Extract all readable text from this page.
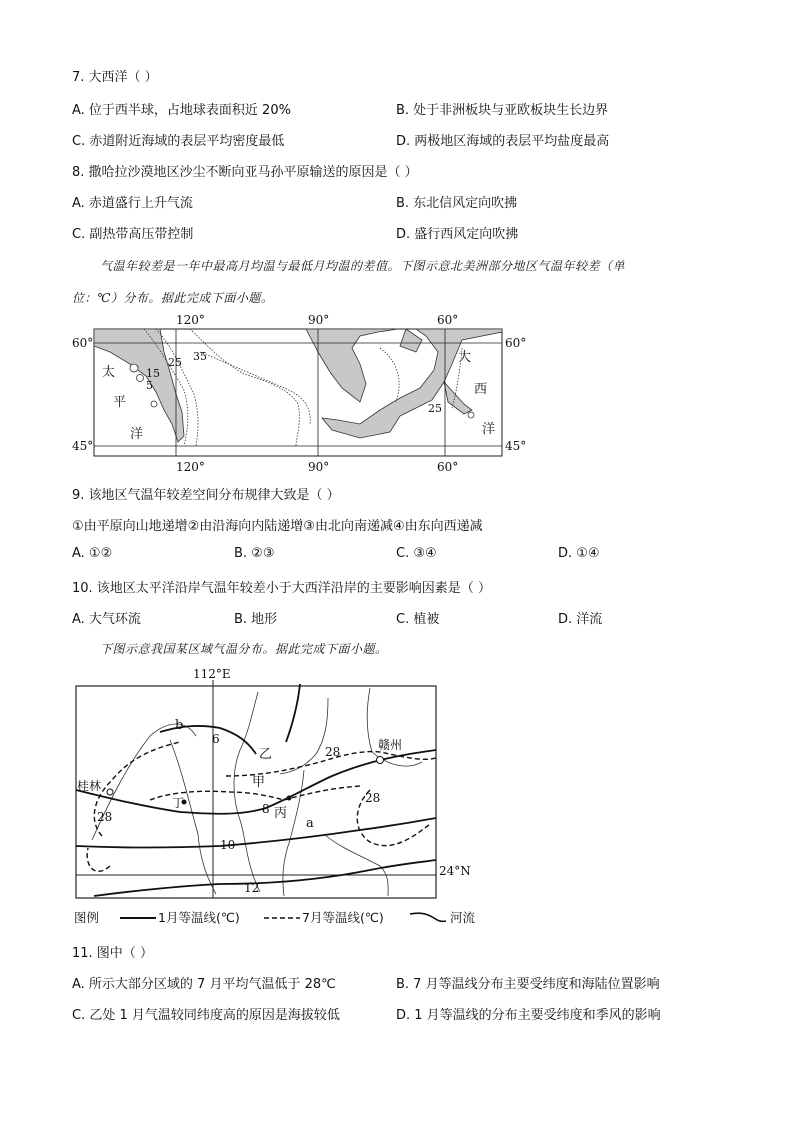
7. 大西洋（ ）
A. 位于西半球，占地球表面积近 20%	B. 处于非洲板块与亚欧板块生长边界
C. 赤道附近海域的表层平均密度最低	D. 两极地区海域的表层平均盐度最高
8. 撒哈拉沙漠地区沙尘不断向亚马孙平原输送的原因是（ ）
A. 赤道盛行上升气流	B. 东北信风定向吹拂
C. 副热带高压带控制	D. 盛行西风定向吹拂
气温年较差是一年中最高月均温与最低月均温的差值。下图示意北美洲部分地区气温年较差（单
位：℃）分布。据此完成下面小题。
120°	90°	60°
120°	90°	60°
60°	60°
45°	45°
35
25
15
5
25
太
平
洋
大
西
洋
9. 该地区气温年较差空间分布规律大致是（ ）
①由平原向山地递增②由沿海向内陆递增③由北向南递减④由东向西递减
A. ①②	B. ②③	C. ③④	D. ①④
10. 该地区太平洋沿岸气温年较差小于大西洋沿岸的主要影响因素是（ ）
A. 大气环流	B. 地形	C. 植被	D. 洋流
下图示意我国某区域气温分布。据此完成下面小题。
112°E
24°N
b
6
乙	28	赣州
甲
桂林
丁	28
8 丙
28	a
10
12
图例	1月等温线(℃)	7月等温线(℃)	河流
11. 图中（ ）
A. 所示大部分区域的 7 月平均气温低于 28℃	B. 7 月等温线分布主要受纬度和海陆位置影响
C. 乙处 1 月气温较同纬度高的原因是海拔较低	D. 1 月等温线的分布主要受纬度和季风的影响
